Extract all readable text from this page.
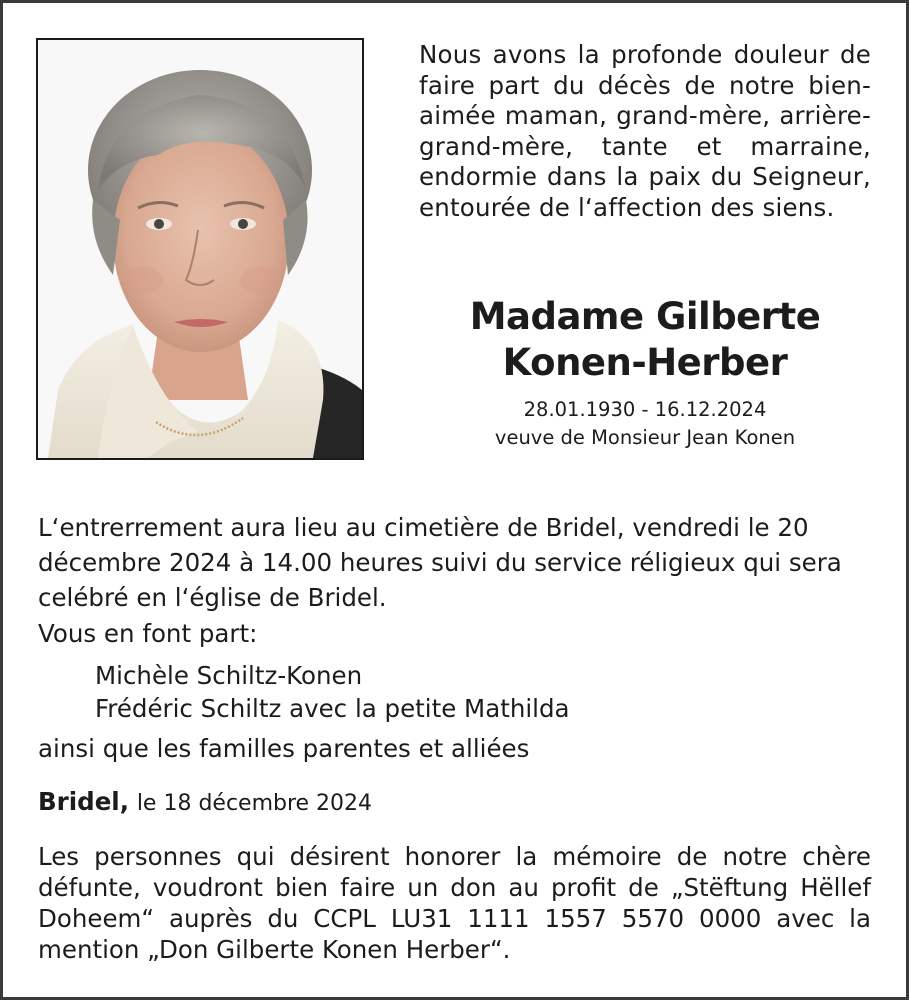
Nous avons la profonde douleur de faire part du décès de notre bien-aimée maman, grand-mère, arrière-grand-mère, tante et marraine, endormie dans la paix du Seigneur, entourée de l‘affection des siens.
Madame Gilberte
Konen-Herber
28.01.1930 - 16.12.2024
veuve de Monsieur Jean Konen
L‘entrerrement aura lieu au cimetière de Bridel, vendredi le 20 décembre 2024 à 14.00 heures suivi du service réligieux qui sera celébré en l‘église de Bridel.
Vous en font part:
Michèle Schiltz-Konen
Frédéric Schiltz avec la petite Mathilda
ainsi que les familles parentes et alliées
Bridel, le 18 décembre 2024
Les personnes qui désirent honorer la mémoire de notre chère défunte, voudront bien faire un don au profit de „Stëftung Hëllef Doheem“ auprès du CCPL LU31 1111 1557 5570 0000 avec la mention „Don Gilberte Konen Herber“.
